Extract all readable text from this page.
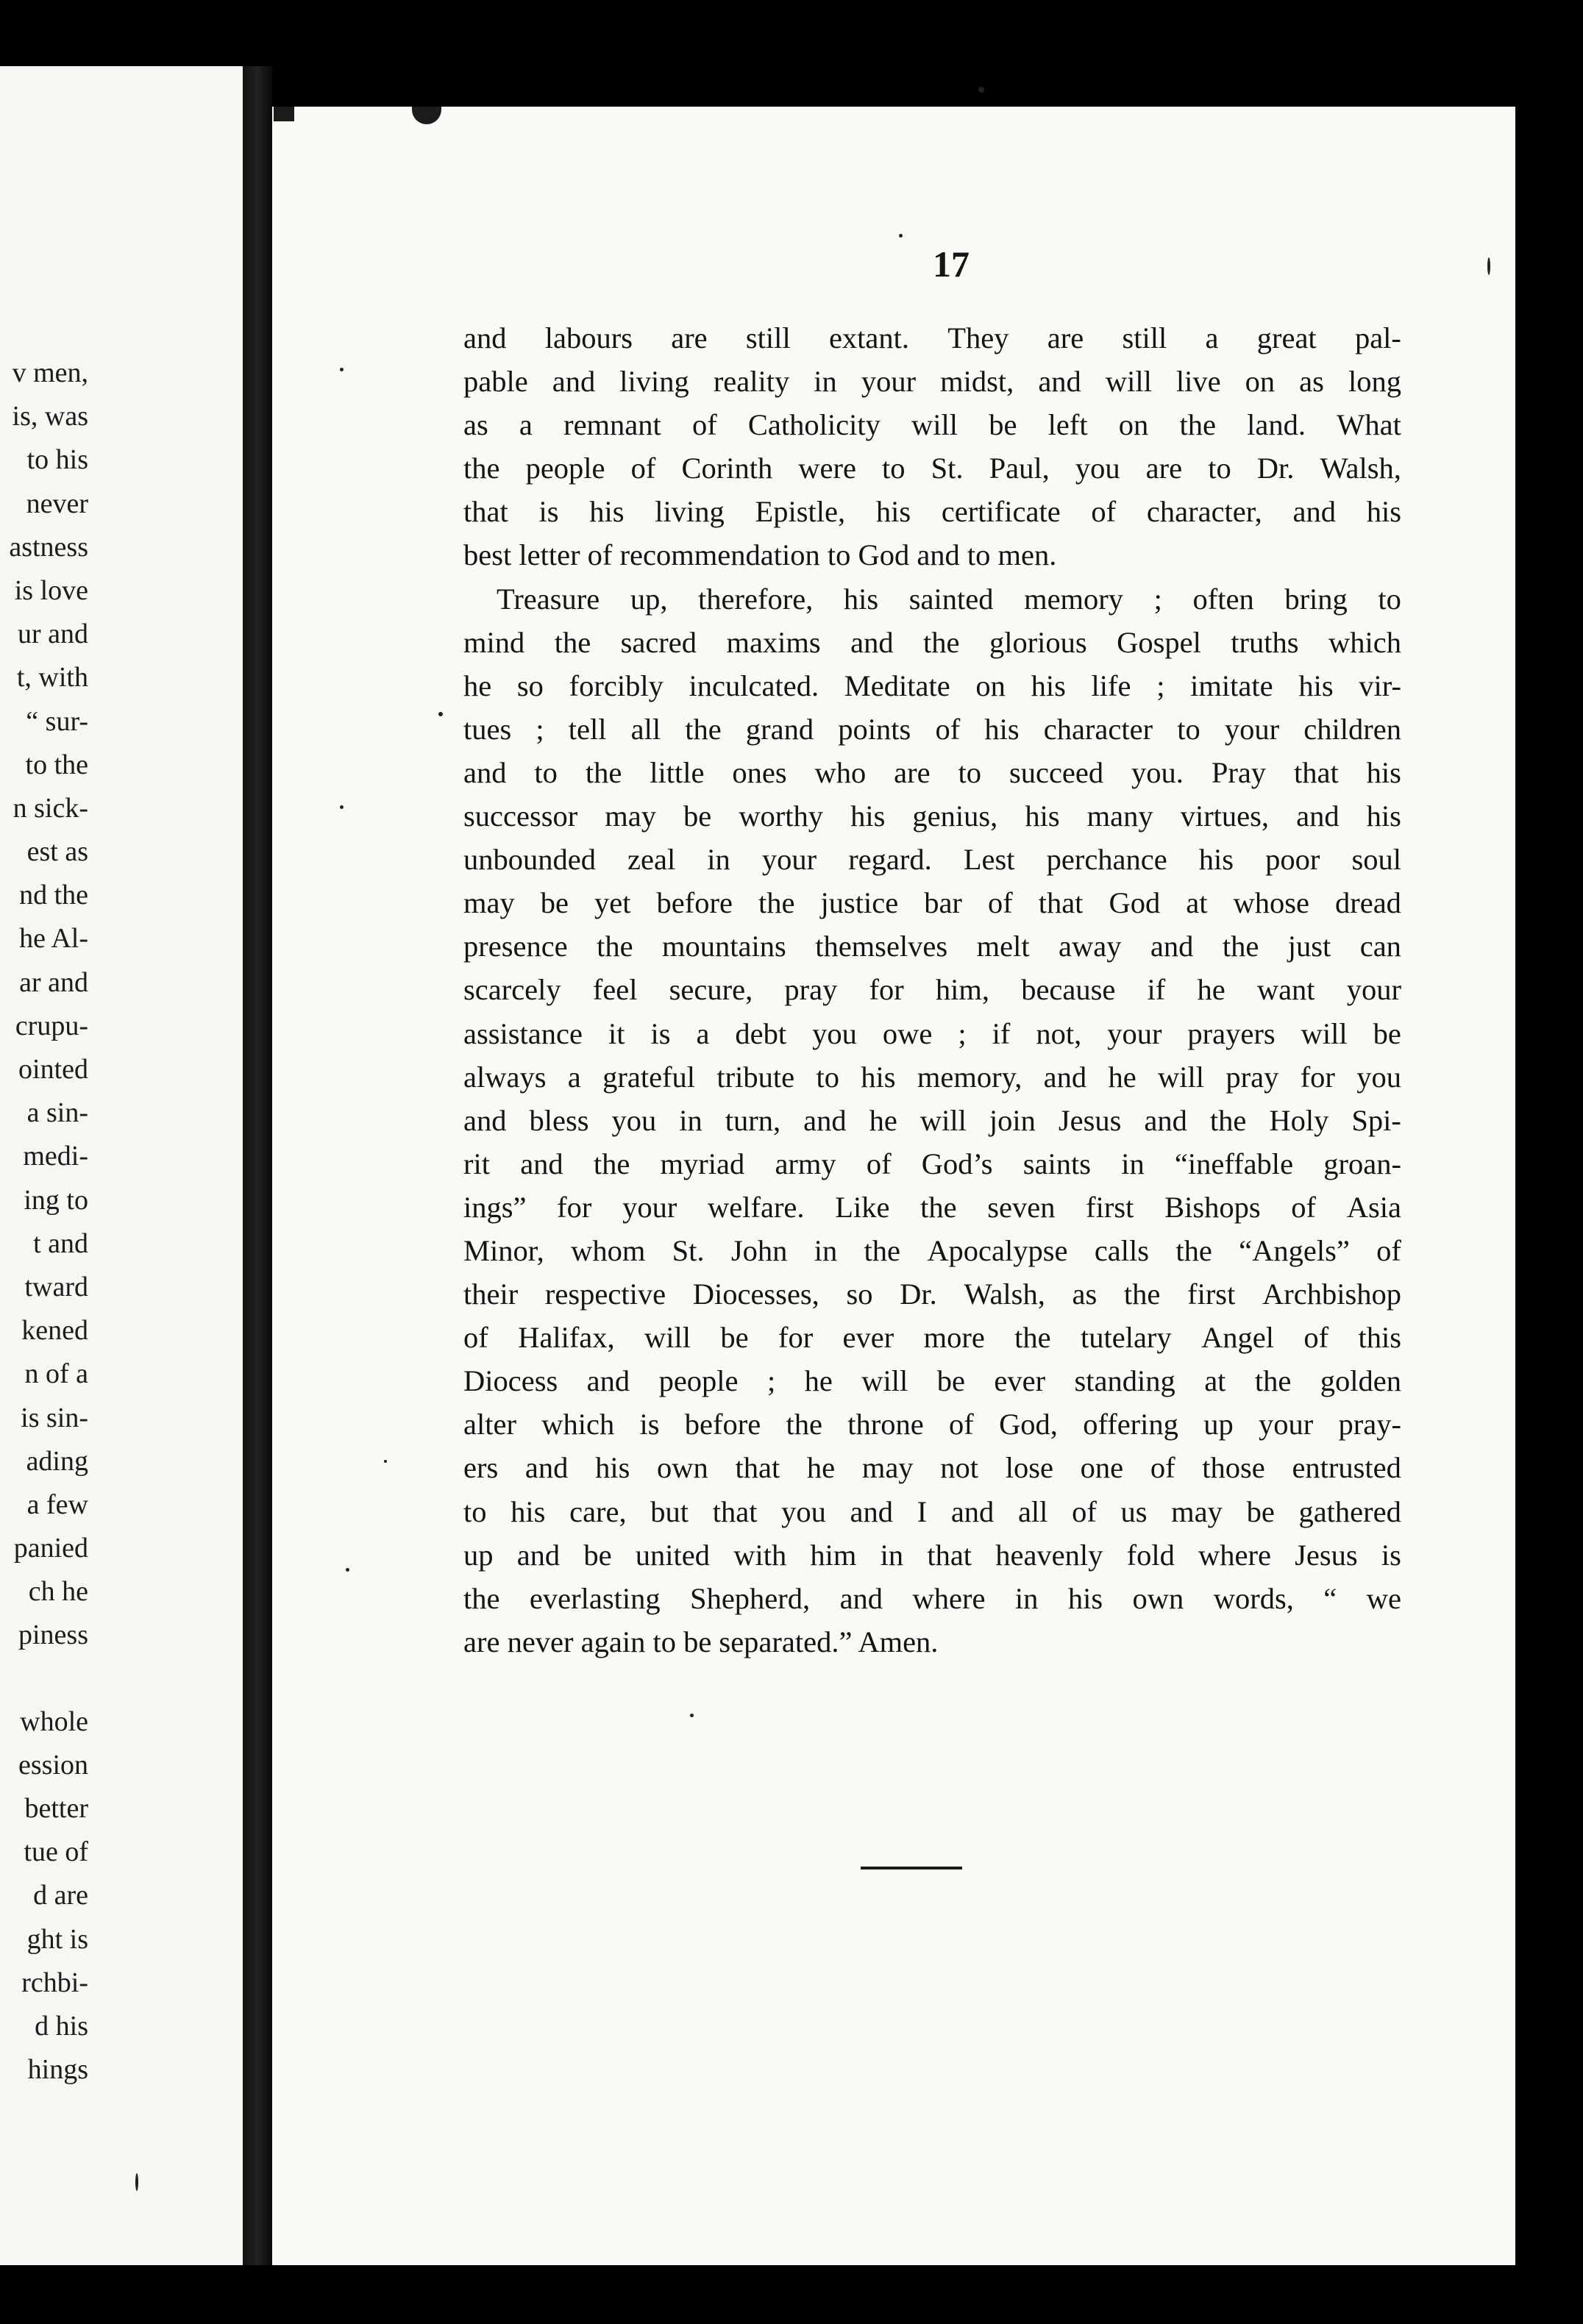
v men,
is, was
to his
never
astness
is love
ur and
t, with
“ sur-
to the
n sick-
est as
nd the
he Al-
ar and
crupu-
ointed
a sin-
medi-
ing to
t and
tward
kened
n of a
is sin-
ading
a few
panied
ch he
piness
whole
ession
better
tue of
d are
ght is
rchbi-
d his
hings
17
and labours are still extant. They are still a great pal-
pable and living reality in your midst, and will live on as long
as a remnant of Catholicity will be left on the land. What
the people of Corinth were to St. Paul, you are to Dr. Walsh,
that is his living Epistle, his certificate of character, and his
best letter of recommendation to God and to men.
Treasure up, therefore, his sainted memory ; often bring to
mind the sacred maxims and the glorious Gospel truths which
he so forcibly inculcated. Meditate on his life ; imitate his vir-
tues ; tell all the grand points of his character to your children
and to the little ones who are to succeed you. Pray that his
successor may be worthy his genius, his many virtues, and his
unbounded zeal in your regard. Lest perchance his poor soul
may be yet before the justice bar of that God at whose dread
presence the mountains themselves melt away and the just can
scarcely feel secure, pray for him, because if he want your
assistance it is a debt you owe ; if not, your prayers will be
always a grateful tribute to his memory, and he will pray for you
and bless you in turn, and he will join Jesus and the Holy Spi-
rit and the myriad army of God’s saints in “ineffable groan-
ings” for your welfare. Like the seven first Bishops of Asia
Minor, whom St. John in the Apocalypse calls the “Angels” of
their respective Diocesses, so Dr. Walsh, as the first Archbishop
of Halifax, will be for ever more the tutelary Angel of this
Diocess and people ; he will be ever standing at the golden
alter which is before the throne of God, offering up your pray-
ers and his own that he may not lose one of those entrusted
to his care, but that you and I and all of us may be gathered
up and be united with him in that heavenly fold where Jesus is
the everlasting Shepherd, and where in his own words, “ we
are never again to be separated.” Amen.
